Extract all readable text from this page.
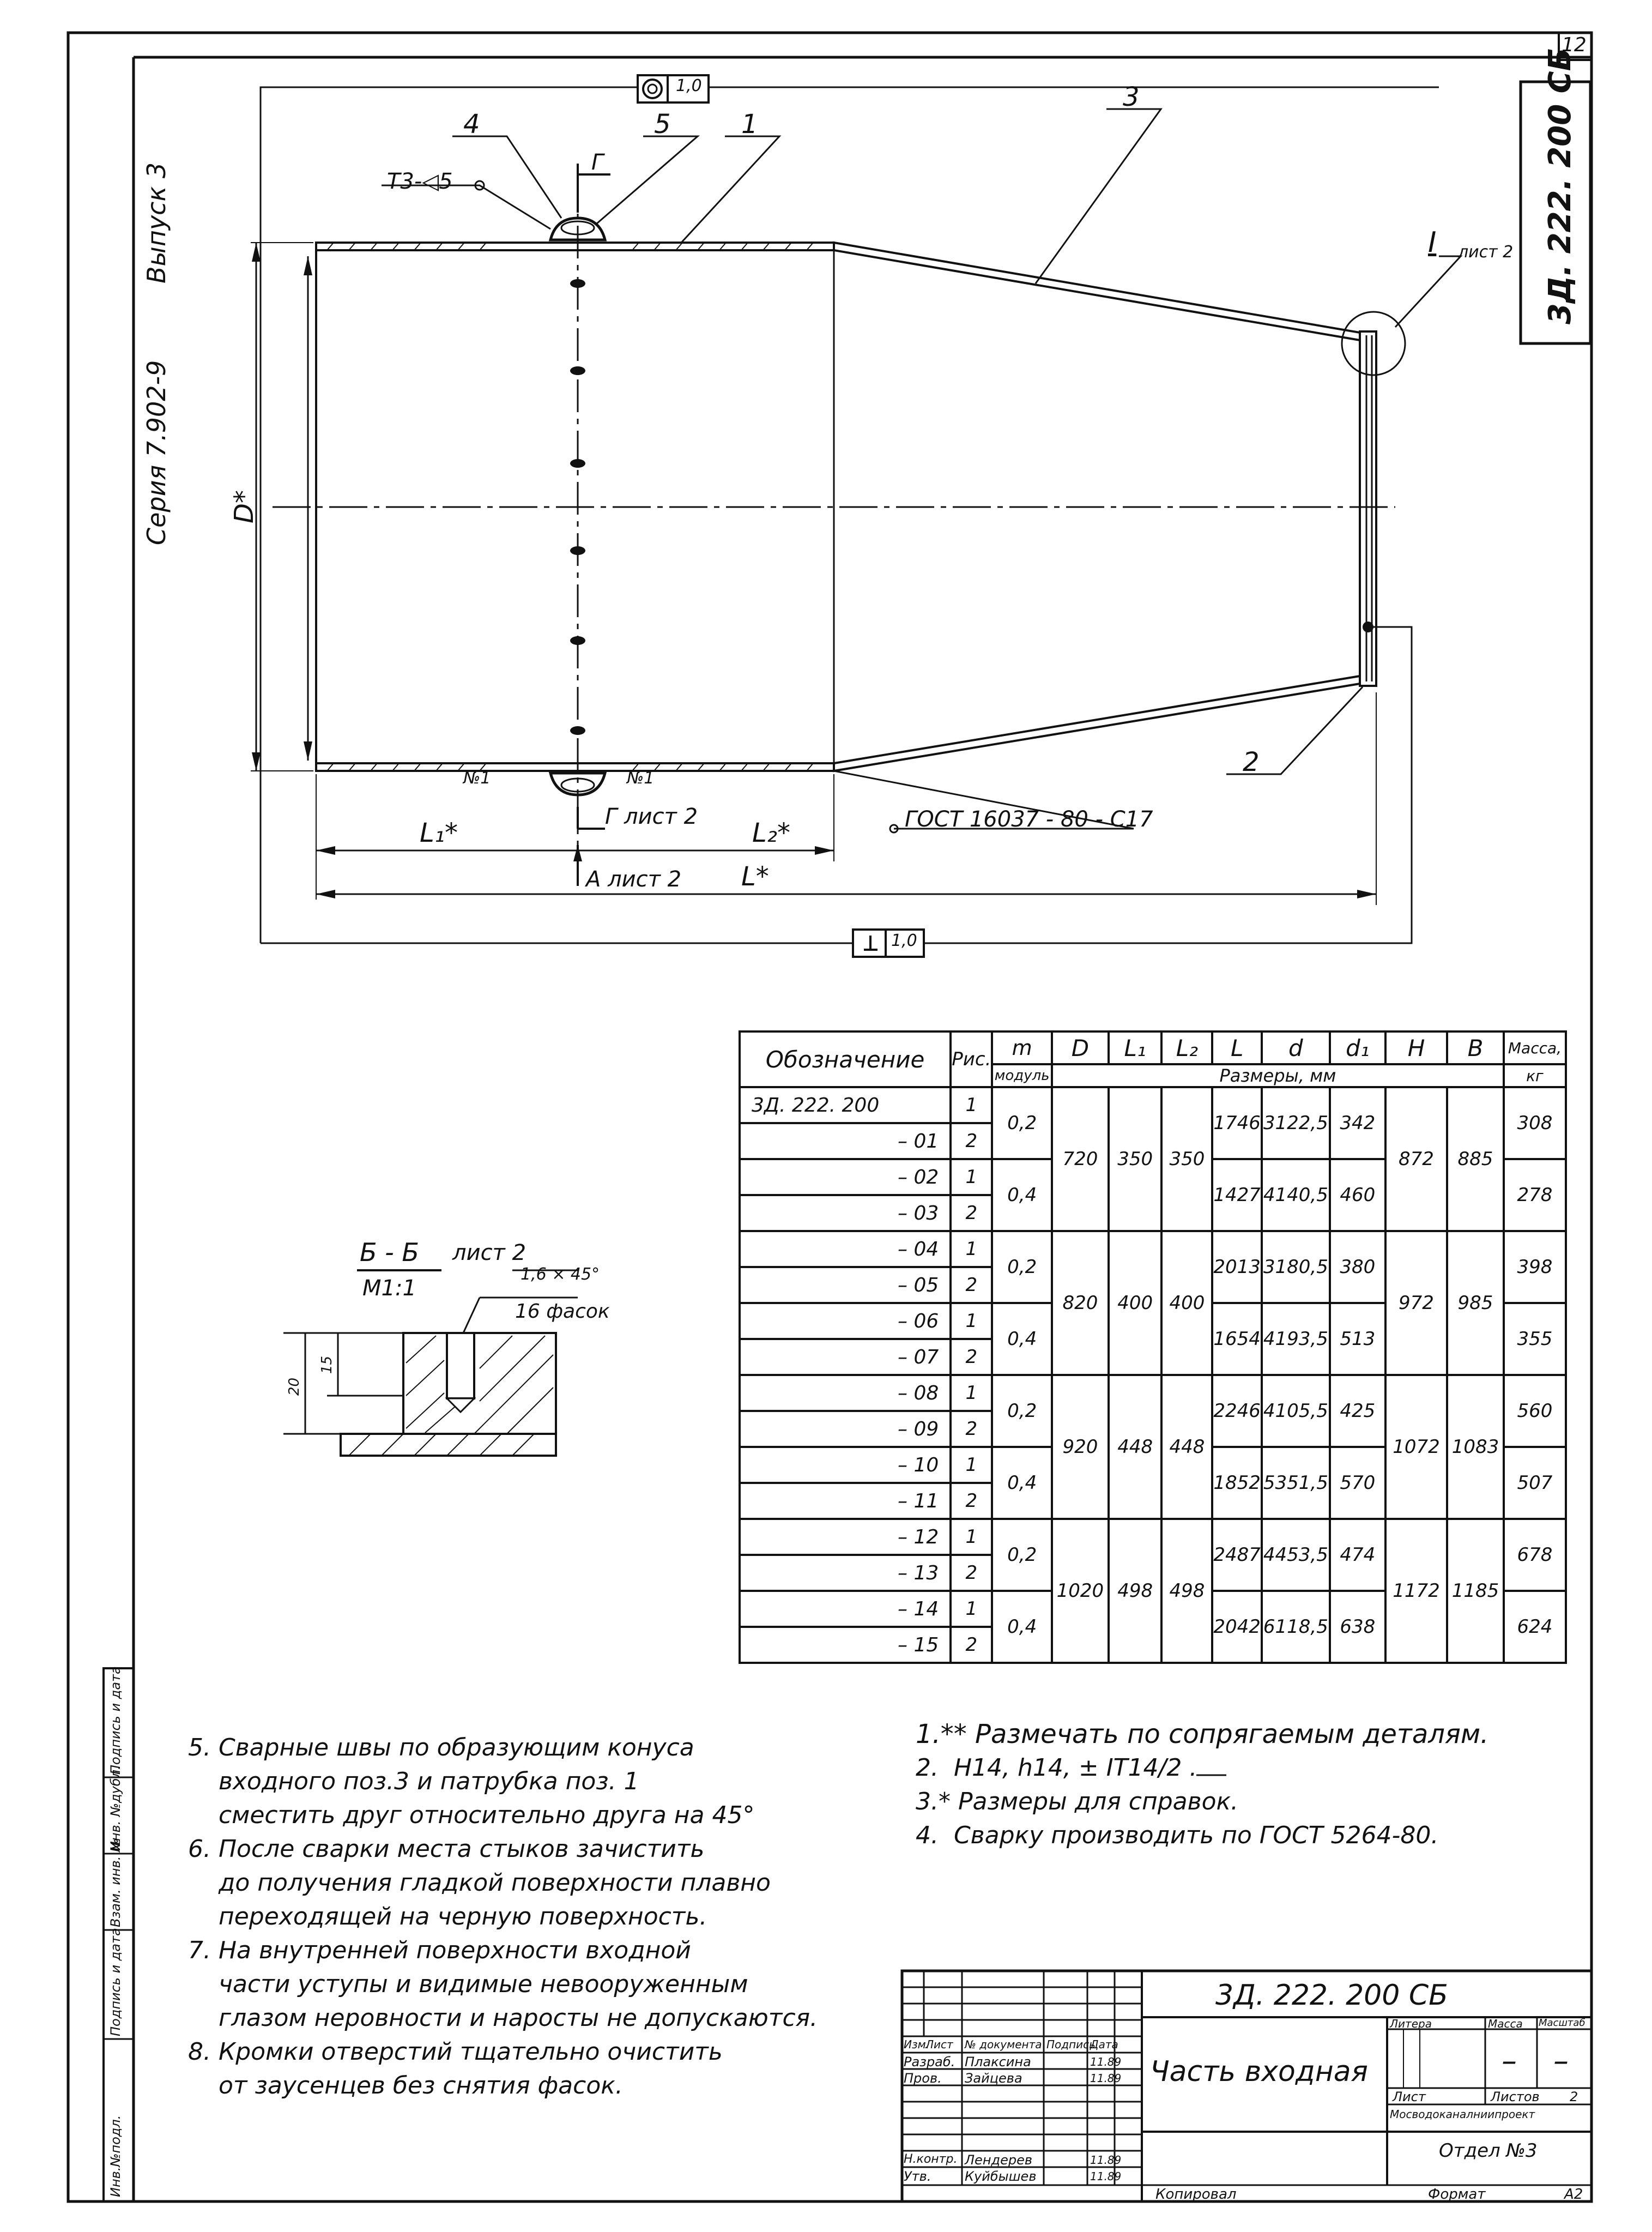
12
Серия 7.902-9
Выпуск 3	3Д. 222. 200 СБ
1,0
1,0
4	5	1
3
2
Т3-◁5
Г
Г лист 2
I лист 2
№1	№1
D*
L₁*	L₂*
L*
А лист 2
ГОСТ 16037 - 80 - С17
Б - Б лист 2
М1:1
1,6 × 45°
16 фасок
20
15
Обозначение	Рис.	m	D	L₁	L₂	L	d	d₁	H	B	Масса,
		модуль	Размеры, мм								кг
3Д. 222. 200	1	0,2	720	350	350	1746	3122,5	342	872	885	308
– 01	2										
– 02	1	0,4				1427	4140,5	460			278
– 03	2										
– 04	1	0,2	820	400	400	2013	3180,5	380	972	985	398
– 05	2										
– 06	1	0,4				1654	4193,5	513			355
– 07	2										
– 08	1	0,2	920	448	448	2246	4105,5	425	1072	1083	560
– 09	2										
– 10	1	0,4				1852	5351,5	570			507
– 11	2										
– 12	1	0,2	1020	498	498	2487	4453,5	474	1172	1185	678
– 13	2										
– 14	1	0,4				2042	6118,5	638			624
– 15	2										

5. Сварные швы по образующим конуса

входного поз.3 и патрубка поз. 1

сместить друг относительно друга на 45°

6. После сварки места стыков зачистить

до получения гладкой поверхности плавно

переходящей на черную поверхность.

7. На внутренней поверхности входной

части уступы и видимые невооруженным

глазом неровности и наросты не допускаются.

8. Кромки отверстий тщательно очистить

от заусенцев без снятия фасок.

1.** Размечать по сопрягаемым деталям.

2.  Н14, h14, ± IT14/2 .

3.* Размеры для справок.

4.  Сварку производить по ГОСТ 5264-80.

Инв.№подл.
Подпись и дата
Взам. инв. №
Инв. №дубл.
Подпись и дата
3Д. 222. 200 СБ
Часть входная
Изм.
Лист № документа Подпись
Дата
Разраб. Плаксина	11.89
Пров. Зайцева	11.89
Н.контр. Лендерев	11.89
Утв.	Куйбышев	11.89
Литера	Масса Масштаб
– –
Лист	Листов 2
Мосводоканалниипроект
Отдел №3
Копировал	Формат	А2
